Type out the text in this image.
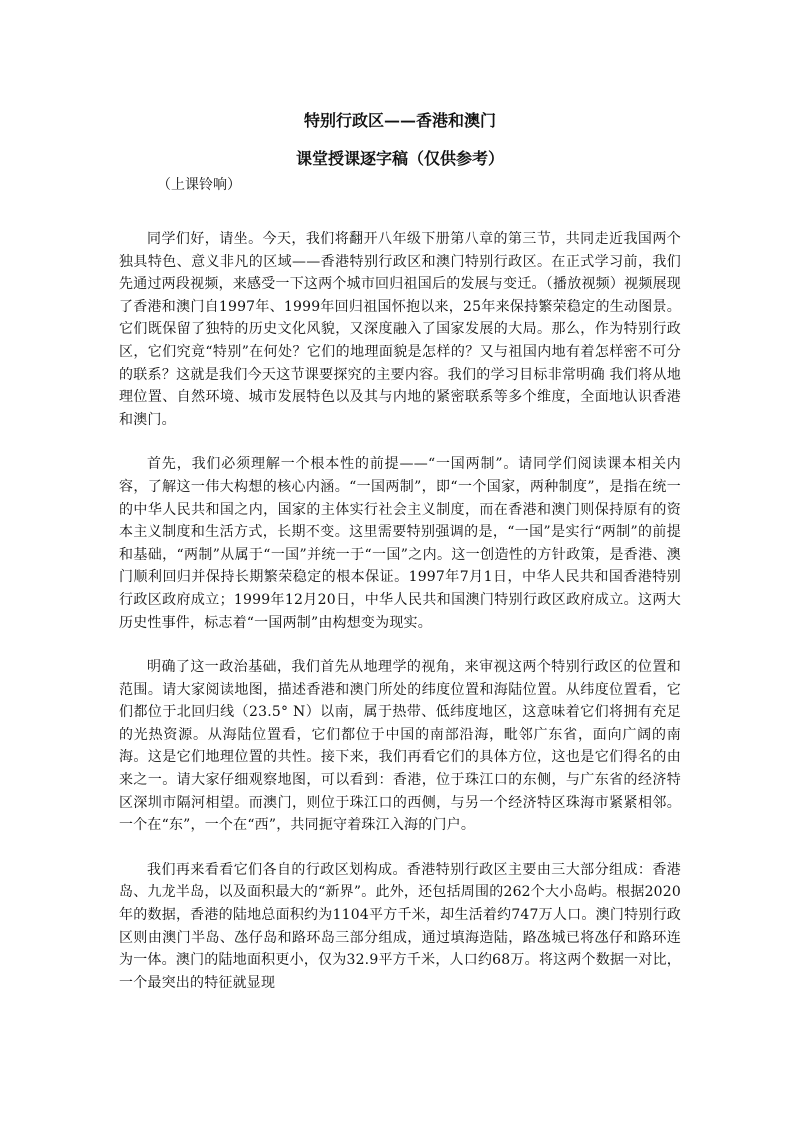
特别行政区——香港和澳门
课堂授课逐字稿（仅供参考）
（上课铃响）

同学们好，请坐。今天，我们将翻开八年级下册第八章的第三节，共同走近我国两个独具特色、意义非凡的区域——香港特别行政区和澳门特别行政区。在正式学习前，我们先通过两段视频，来感受一下这两个城市回归祖国后的发展与变迁。（播放视频）视频展现了香港和澳门自1997年、1999年回归祖国怀抱以来，25年来保持繁荣稳定的生动图景。它们既保留了独特的历史文化风貌，又深度融入了国家发展的大局。那么，作为特别行政区，它们究竟“特别”在何处？它们的地理面貌是怎样的？又与祖国内地有着怎样密不可分的联系？这就是我们今天这节课要探究的主要内容。我们的学习目标非常明确 我们将从地理位置、自然环境、城市发展特色以及其与内地的紧密联系等多个维度，全面地认识香港和澳门。

首先，我们必须理解一个根本性的前提——“一国两制”。请同学们阅读课本相关内容，了解这一伟大构想的核心内涵。“一国两制”，即“一个国家，两种制度”，是指在统一的中华人民共和国之内，国家的主体实行社会主义制度，而在香港和澳门则保持原有的资本主义制度和生活方式，长期不变。这里需要特别强调的是，“一国”是实行“两制”的前提和基础，“两制”从属于“一国”并统一于“一国”之内。这一创造性的方针政策，是香港、澳门顺利回归并保持长期繁荣稳定的根本保证。1997年7月1日，中华人民共和国香港特别行政区政府成立；1999年12月20日，中华人民共和国澳门特别行政区政府成立。这两大历史性事件，标志着“一国两制”由构想变为现实。

明确了这一政治基础，我们首先从地理学的视角，来审视这两个特别行政区的位置和范围。请大家阅读地图，描述香港和澳门所处的纬度位置和海陆位置。从纬度位置看，它们都位于北回归线（23.5° N）以南，属于热带、低纬度地区，这意味着它们将拥有充足的光热资源。从海陆位置看，它们都位于中国的南部沿海，毗邻广东省，面向广阔的南海。这是它们地理位置的共性。接下来，我们再看它们的具体方位，这也是它们得名的由来之一。请大家仔细观察地图，可以看到：香港，位于珠江口的东侧，与广东省的经济特区深圳市隔河相望。而澳门，则位于珠江口的西侧，与另一个经济特区珠海市紧紧相邻。一个在“东”，一个在“西”，共同扼守着珠江入海的门户。

我们再来看看它们各自的行政区划构成。香港特别行政区主要由三大部分组成：香港岛、九龙半岛，以及面积最大的“新界”。此外，还包括周围的262个大小岛屿。根据2020年的数据，香港的陆地总面积约为1104平方千米，却生活着约747万人口。澳门特别行政区则由澳门半岛、氹仔岛和路环岛三部分组成，通过填海造陆，路氹城已将氹仔和路环连为一体。澳门的陆地面积更小，仅为32.9平方千米，人口约68万。将这两个数据一对比，一个最突出的特征就显现
